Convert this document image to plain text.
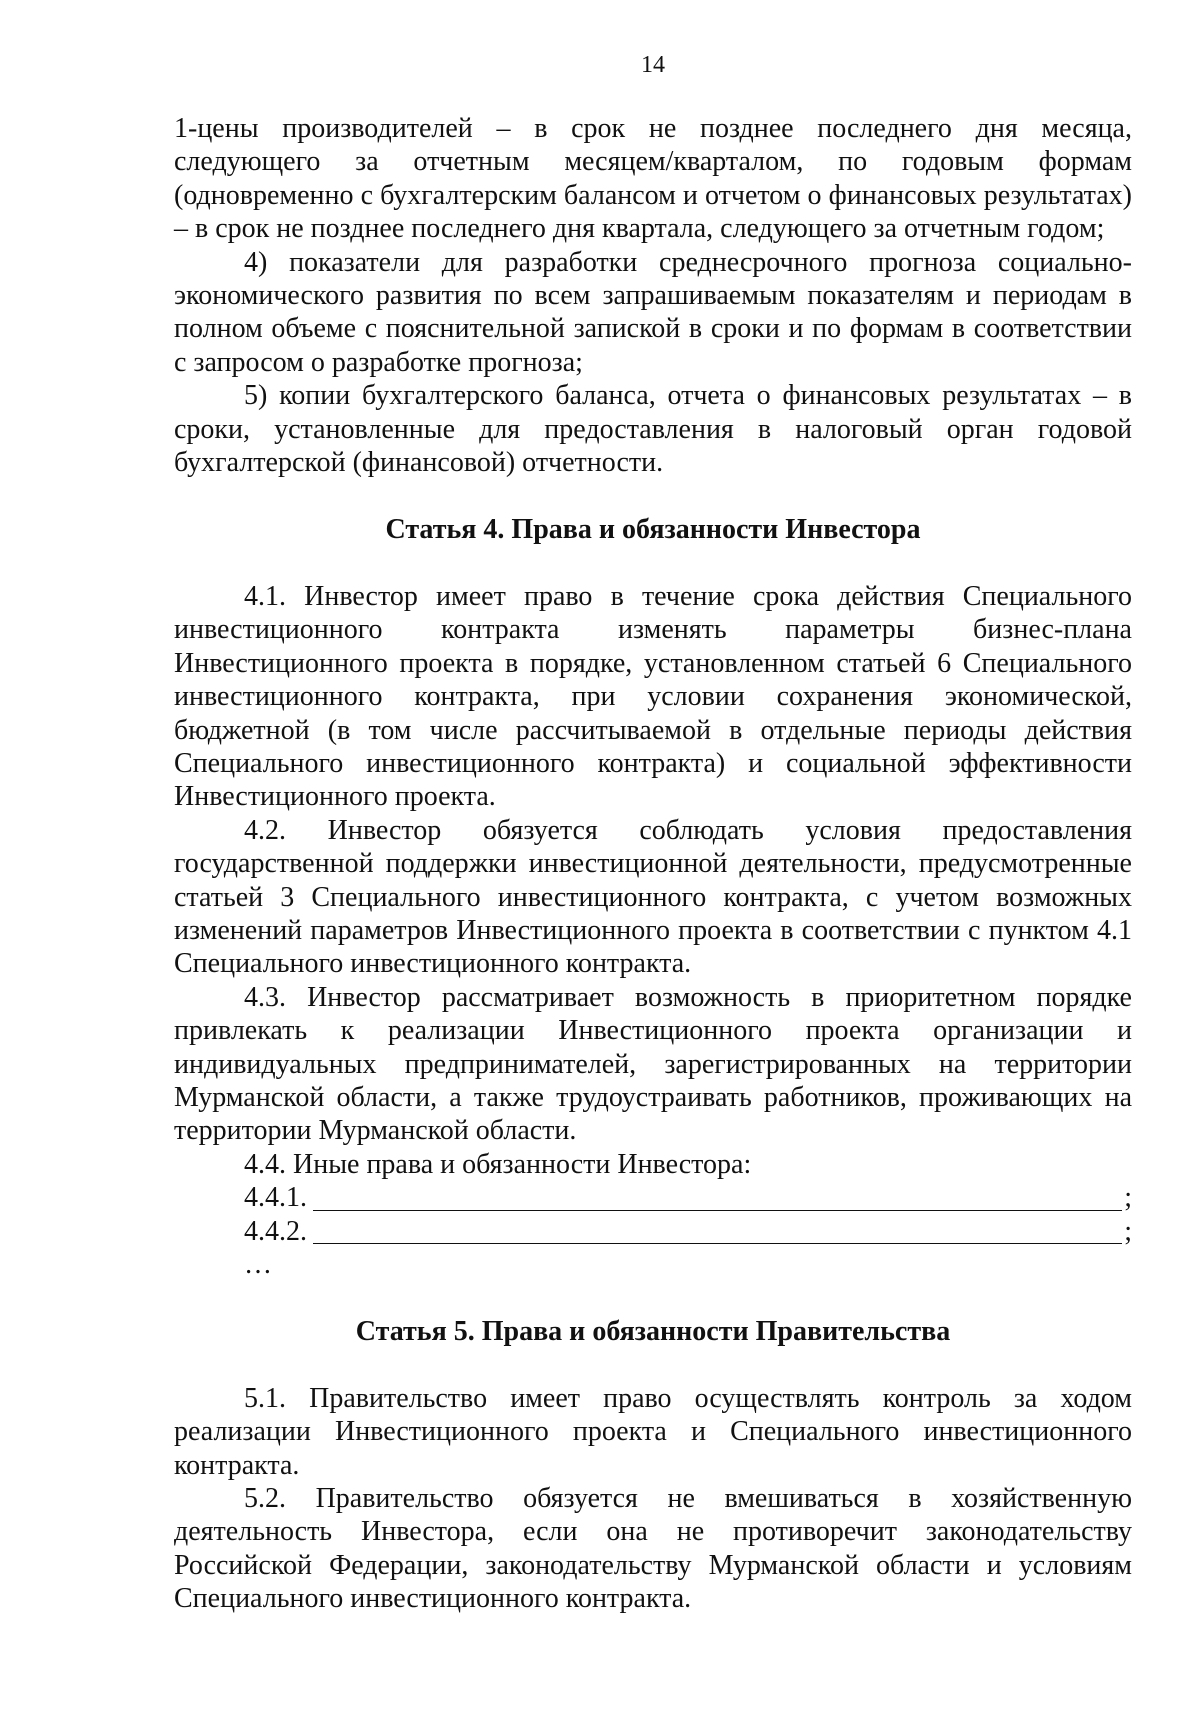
14

1-цены производителей – в срок не позднее последнего дня месяца, следующего за отчетным месяцем/кварталом, по годовым формам (одновременно с бухгалтерским балансом и отчетом о финансовых результатах) – в срок не позднее последнего дня квартала, следующего за отчетным годом;

4) показатели для разработки среднесрочного прогноза социально-экономического развития по всем запрашиваемым показателям и периодам в полном объеме с пояснительной запиской в сроки и по формам в соответствии с запросом о разработке прогноза;

5) копии бухгалтерского баланса, отчета о финансовых результатах – в сроки, установленные для предоставления в налоговый орган годовой бухгалтерской (финансовой) отчетности.

Статья 4. Права и обязанности Инвестора

4.1. Инвестор имеет право в течение срока действия Специального инвестиционного контракта изменять параметры бизнес-плана Инвестиционного проекта в порядке, установленном статьей 6 Специального инвестиционного контракта, при условии сохранения экономической, бюджетной (в том числе рассчитываемой в отдельные периоды действия Специального инвестиционного контракта) и социальной эффективности Инвестиционного проекта.

4.2. Инвестор обязуется соблюдать условия предоставления государственной поддержки инвестиционной деятельности, предусмотренные статьей 3 Специального инвестиционного контракта, с учетом возможных изменений параметров Инвестиционного проекта в соответствии с пунктом 4.1 Специального инвестиционного контракта.

4.3. Инвестор рассматривает возможность в приоритетном порядке привлекать к реализации Инвестиционного проекта организации и индивидуальных предпринимателей, зарегистрированных на территории Мурманской области, а также трудоустраивать работников, проживающих на территории Мурманской области.

4.4. Иные права и обязанности Инвестора:

4.4.1.	;
4.4.2.	;
…
Статья 5. Права и обязанности Правительства

5.1. Правительство имеет право осуществлять контроль за ходом реализации Инвестиционного проекта и Специального инвестиционного контракта.

5.2. Правительство обязуется не вмешиваться в хозяйственную деятельность Инвестора, если она не противоречит законодательству Российской Федерации, законодательству Мурманской области и условиям Специального инвестиционного контракта.
